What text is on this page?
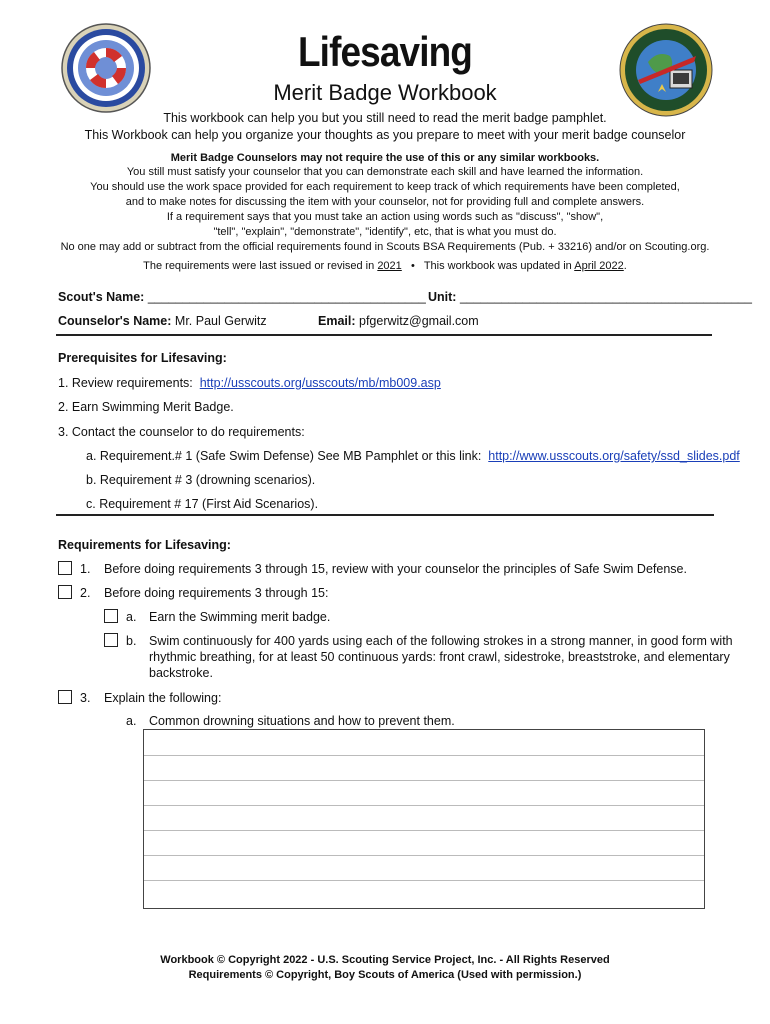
Lifesaving
Merit Badge Workbook
This workbook can help you but you still need to read the merit badge pamphlet.
This Workbook can help you organize your thoughts as you prepare to meet with your merit badge counselor
Merit Badge Counselors may not require the use of this or any similar workbooks.
You still must satisfy your counselor that you can demonstrate each skill and have learned the information.
You should use the work space provided for each requirement to keep track of which requirements have been completed,
and to make notes for discussing the item with your counselor, not for providing full and complete answers.
If a requirement says that you must take an action using words such as "discuss", "show",
"tell", "explain", "demonstrate", "identify", etc, that is what you must do.
No one may add or subtract from the official requirements found in Scouts BSA Requirements (Pub. + 33216) and/or on Scouting.org.
The requirements were last issued or revised in 2021 • This workbook was updated in April 2022.
Scout's Name: ________________________________________ Unit: __________________________________________
Counselor's Name: Mr. Paul Gerwitz	Email: pfgerwitz@gmail.com
Prerequisites for Lifesaving:
1. Review requirements: http://usscouts.org/usscouts/mb/mb009.asp
2. Earn Swimming Merit Badge.
3. Contact the counselor to do requirements:
a. Requirement.# 1 (Safe Swim Defense) See MB Pamphlet or this link: http://www.usscouts.org/safety/ssd_slides.pdf
b. Requirement # 3 (drowning scenarios).
c. Requirement # 17 (First Aid Scenarios).
Requirements for Lifesaving:
1. Before doing requirements 3 through 15, review with your counselor the principles of Safe Swim Defense.
2. Before doing requirements 3 through 15:
a. Earn the Swimming merit badge.
b. Swim continuously for 400 yards using each of the following strokes in a strong manner, in good form with
rhythmic breathing, for at least 50 continuous yards: front crawl, sidestroke, breaststroke, and elementary
backstroke.
3. Explain the following:
a. Common drowning situations and how to prevent them.
Workbook © Copyright 2022 - U.S. Scouting Service Project, Inc. - All Rights Reserved
Requirements © Copyright, Boy Scouts of America (Used with permission.)
